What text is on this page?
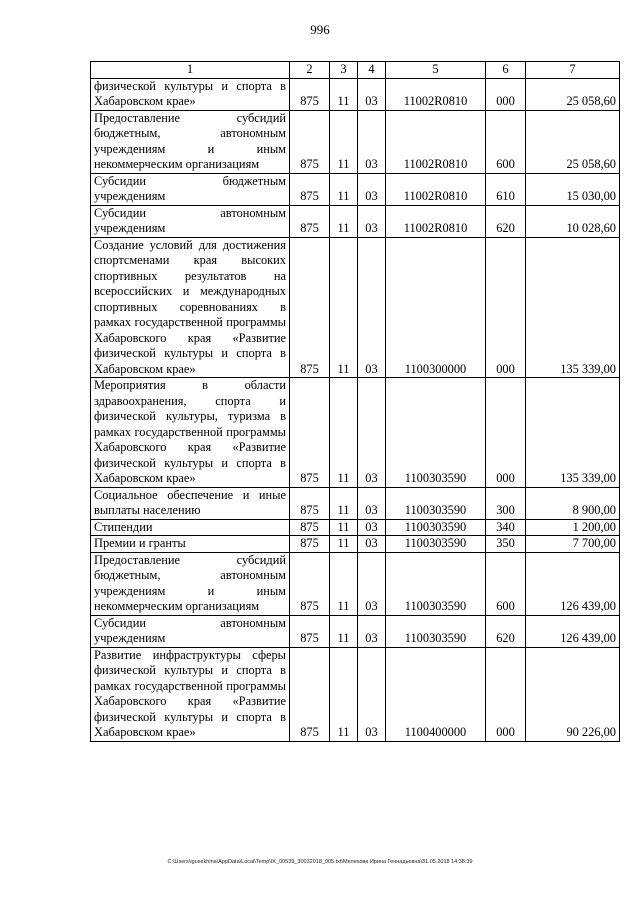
996
1	2	3	4	5	6	7
физической культуры и спорта в Хабаровском крае»	875	11	03	11002R0810	000	25 058,60
Предоставление субсидий бюджетным, автономным учреждениям и иным некоммерческим организациям	875	11	03	11002R0810	600	25 058,60
Субсидии бюджетным учреждениям	875	11	03	11002R0810	610	15 030,00
Субсидии автономным учреждениям	875	11	03	11002R0810	620	10 028,60
Создание условий для достижения спортсменами края высоких спортивных результатов на всероссийских и международных спортивных соревнованиях в рамках государственной программы Хабаровского края «Развитие физической культуры и спорта в Хабаровском крае»	875	11	03	1100300000	000	135 339,00
Мероприятия в области здравоохранения, спорта и физической культуры, туризма в рамках государственной программы Хабаровского края «Развитие физической культуры и спорта в Хабаровском крае»	875	11	03	1100303590	000	135 339,00
Социальное обеспечение и иные выплаты населению	875	11	03	1100303590	300	8 900,00
Стипендии	875	11	03	1100303590	340	1 200,00
Премии и гранты	875	11	03	1100303590	350	7 700,00
Предоставление субсидий бюджетным, автономным учреждениям и иным некоммерческим организациям	875	11	03	1100303590	600	126 439,00
Субсидии автономным учреждениям	875	11	03	1100303590	620	126 439,00
Развитие инфраструктуры сферы физической культуры и спорта в рамках государственной программы Хабаровского края «Развитие физической культуры и спорта в Хабаровском крае»	875	11	03	1100400000	000	90 226,00
C:\Users\igusekhina\AppData\Local\Temp\IK_00539_30032018_005.txt\Мелехова Ирина Геннадьевна\31.05.2018 14:38:39
